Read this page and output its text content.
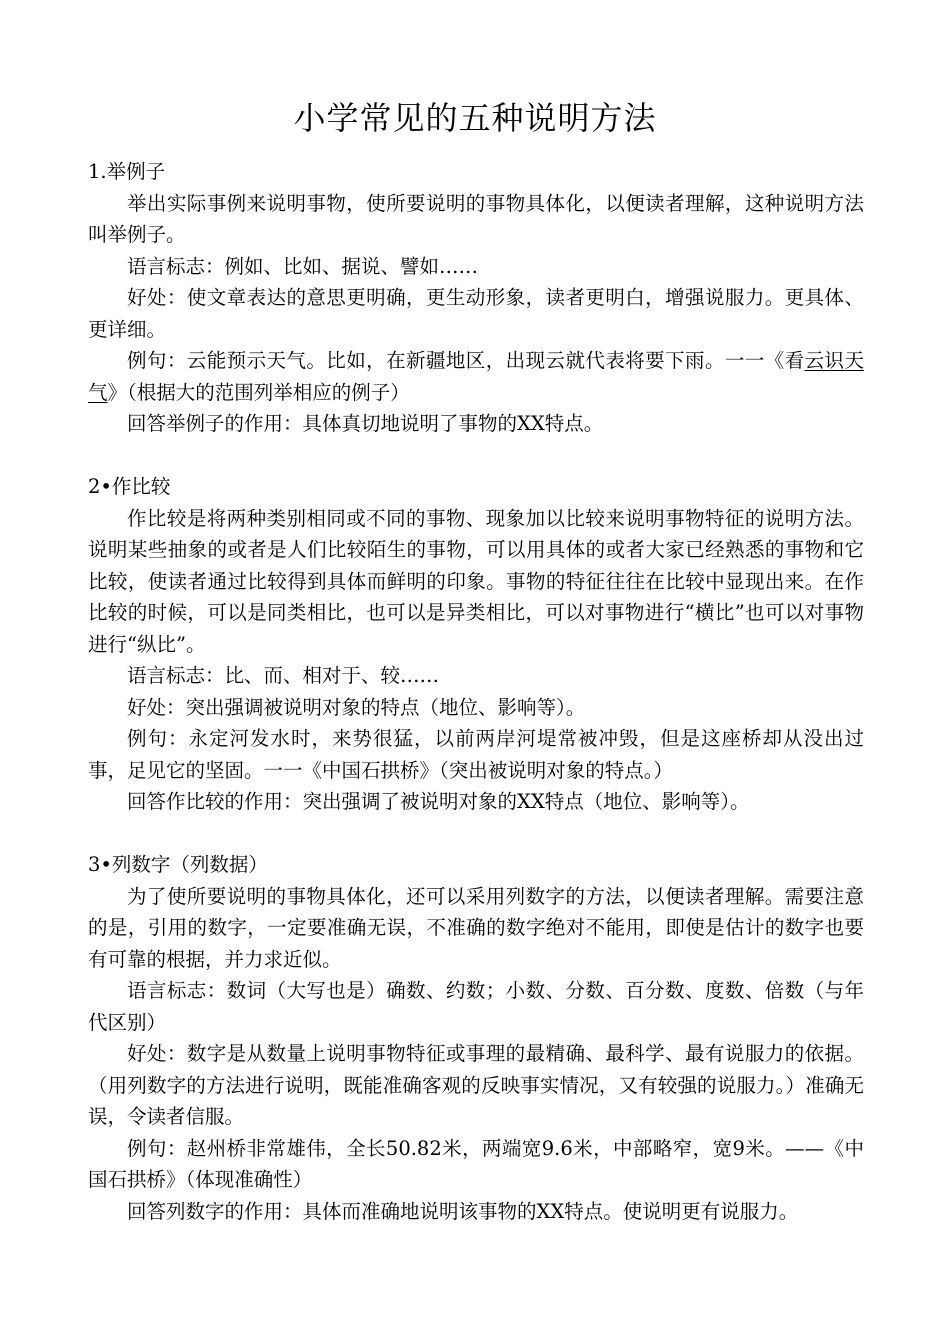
小学常见的五种说明方法

1.举例子

举出实际事例来说明事物，使所要说明的事物具体化，以便读者理解，这种说明方法叫举例子。

语言标志：例如、比如、据说、譬如……

好处：使文章表达的意思更明确，更生动形象，读者更明白，增强说服力。更具体、更详细。

例句：云能预示天气。比如，在新疆地区，出现云就代表将要下雨。一一《看云识天气》（根据大的范围列举相应的例子）

回答举例子的作用：具体真切地说明了事物的XX特点。

2•作比较

作比较是将两种类别相同或不同的事物、现象加以比较来说明事物特征的说明方法。说明某些抽象的或者是人们比较陌生的事物，可以用具体的或者大家已经熟悉的事物和它比较，使读者通过比较得到具体而鲜明的印象。事物的特征往往在比较中显现出来。在作比较的时候，可以是同类相比，也可以是异类相比，可以对事物进行“横比”也可以对事物进行“纵比”。

语言标志：比、而、相对于、较……

好处：突出强调被说明对象的特点（地位、影响等）。

例句：永定河发水时，来势很猛，以前两岸河堤常被冲毁，但是这座桥却从没出过事，足见它的坚固。一一《中国石拱桥》（突出被说明对象的特点。）

回答作比较的作用：突出强调了被说明对象的XX特点（地位、影响等）。

3•列数字（列数据）

为了使所要说明的事物具体化，还可以采用列数字的方法，以便读者理解。需要注意的是，引用的数字，一定要准确无误，不准确的数字绝对不能用，即使是估计的数字也要有可靠的根据，并力求近似。

语言标志：数词（大写也是）确数、约数；小数、分数、百分数、度数、倍数（与年代区别）

好处：数字是从数量上说明事物特征或事理的最精确、最科学、最有说服力的依据。（用列数字的方法进行说明，既能准确客观的反映事实情况，又有较强的说服力。）准确无误，令读者信服。

例句：赵州桥非常雄伟，全长50.82米，两端宽9.6米，中部略窄，宽9米。——《中国石拱桥》（体现准确性）

回答列数字的作用：具体而准确地说明该事物的XX特点。使说明更有说服力。
